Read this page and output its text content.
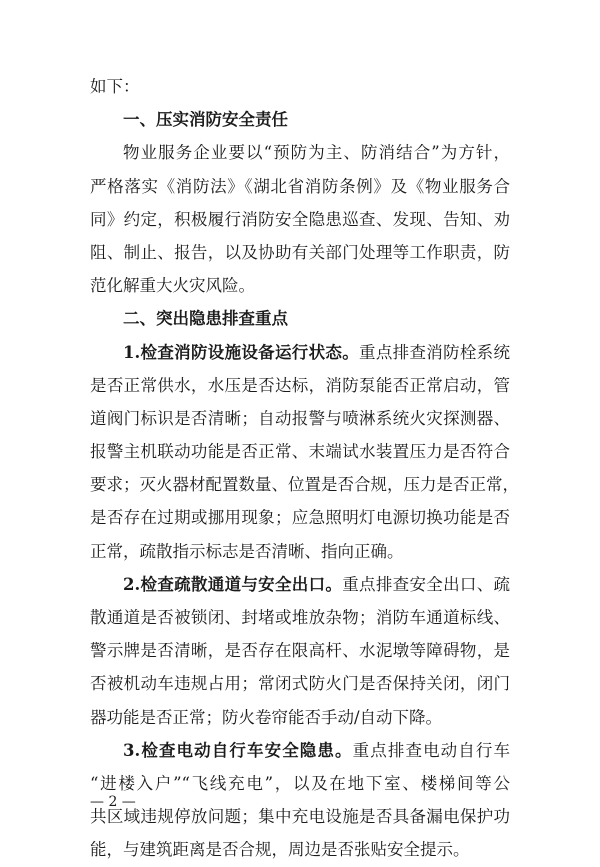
如下：
一、压实消防安全责任
物业服务企业要以“预防为主、防消结合”为方针，
严格落实《消防法》《湖北省消防条例》及《物业服务合
同》约定，积极履行消防安全隐患巡查、发现、告知、劝
阻、制止、报告，以及协助有关部门处理等工作职责，防
范化解重大火灾风险。
二、突出隐患排查重点
1.检查消防设施设备运行状态。重点排查消防栓系统
是否正常供水，水压是否达标，消防泵能否正常启动，管
道阀门标识是否清晰；自动报警与喷淋系统火灾探测器、
报警主机联动功能是否正常、末端试水装置压力是否符合
要求；灭火器材配置数量、位置是否合规，压力是否正常，
是否存在过期或挪用现象；应急照明灯电源切换功能是否
正常，疏散指示标志是否清晰、指向正确。
2.检查疏散通道与安全出口。重点排查安全出口、疏
散通道是否被锁闭、封堵或堆放杂物；消防车通道标线、
警示牌是否清晰，是否存在限高杆、水泥墩等障碍物，是
否被机动车违规占用；常闭式防火门是否保持关闭，闭门
器功能是否正常；防火卷帘能否手动/自动下降。
3.检查电动自行车安全隐患。重点排查电动自行车
“进楼入户”“飞线充电”，以及在地下室、楼梯间等公
共区域违规停放问题；集中充电设施是否具备漏电保护功
能，与建筑距离是否合规，周边是否张贴安全提示。
— 2 —
